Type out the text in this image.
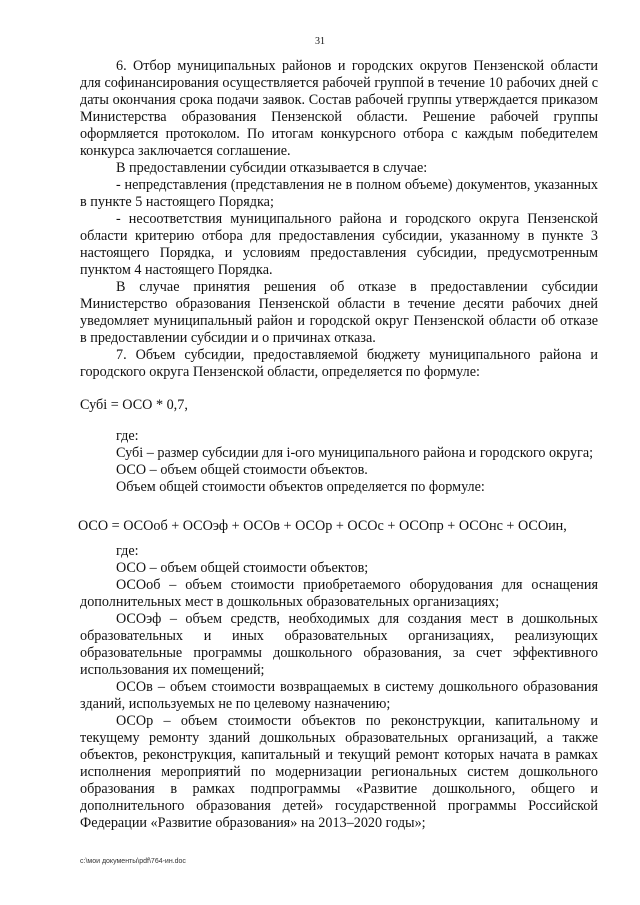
31

6. Отбор муниципальных районов и городских округов Пензенской области для софинансирования осуществляется рабочей группой в течение 10 рабочих дней с даты окончания срока подачи заявок. Состав рабочей группы утверждается приказом Министерства образования Пензенской области. Решение рабочей группы оформляется протоколом. По итогам конкурсного отбора с каждым победителем конкурса заключается соглашение.

В предоставлении субсидии отказывается в случае:

- непредставления (представления не в полном объеме) документов, указанных в пункте 5 настоящего Порядка;

- несоответствия муниципального района и городского округа Пензенской области критерию отбора для предоставления субсидии, указанному в пункте 3 настоящего Порядка, и условиям предоставления субсидии, предусмотренным пунктом 4 настоящего Порядка.

В случае принятия решения об отказе в предоставлении субсидии Министерство образования Пензенской области в течение десяти рабочих дней уведомляет муниципальный район и городской округ Пензенской области об отказе в предоставлении субсидии и о причинах отказа.

7. Объем субсидии, предоставляемой бюджету муниципального района и городского округа Пензенской области, определяется по формуле:

Субi = ОСО * 0,7,

где:

Субi – размер субсидии для i-ого муниципального района и городского округа;

ОСО – объем общей стоимости объектов.

Объем общей стоимости объектов определяется по формуле:

ОСО = ОСОоб + ОСОэф + ОСОв + ОСОр + ОСОс + ОСОпр + ОСОнс + ОСОин,

где:

ОСО – объем общей стоимости объектов;

ОСОоб – объем стоимости приобретаемого оборудования для оснащения дополнительных мест в дошкольных образовательных организациях;

ОСОэф – объем средств, необходимых для создания мест в дошкольных образовательных и иных образовательных организациях, реализующих образовательные программы дошкольного образования, за счет эффективного использования их помещений;

ОСОв – объем стоимости возвращаемых в систему дошкольного образования зданий, используемых не по целевому назначению;

ОСОр – объем стоимости объектов по реконструкции, капитальному и текущему ремонту зданий дошкольных образовательных организаций, а также объектов, реконструкция, капитальный и текущий ремонт которых начата в рамках исполнения мероприятий по модернизации региональных систем дошкольного образования в рамках подпрограммы «Развитие дошкольного, общего и дополнительного образования детей» государственной программы Российской Федерации «Развитие образования» на 2013–2020 годы»;

c:\мои документы\pdf\764-ин.doc
